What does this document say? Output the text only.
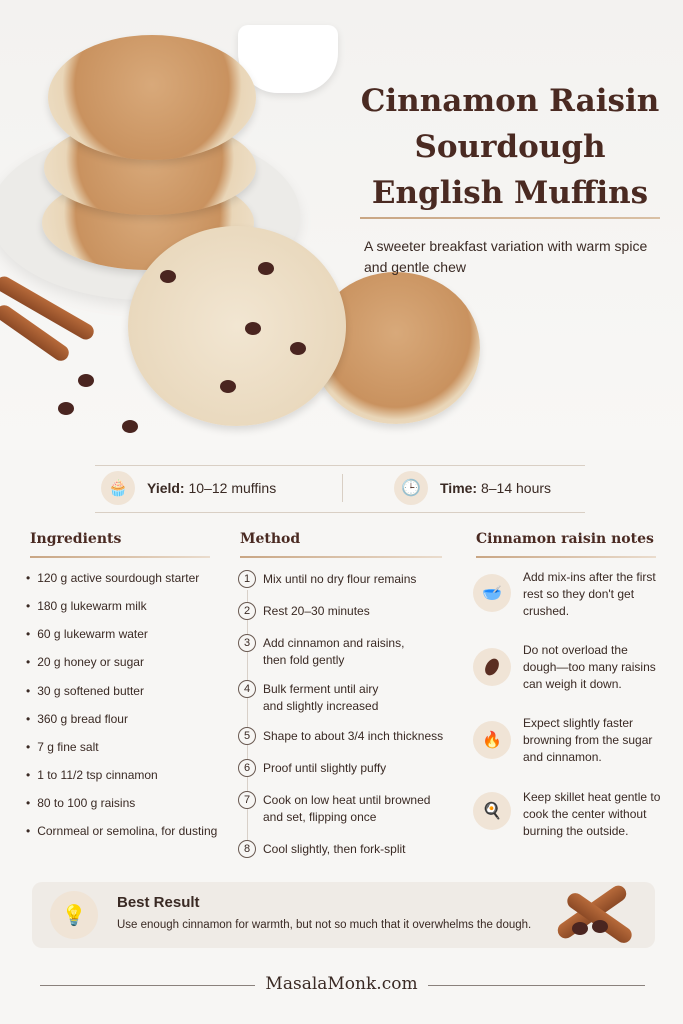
Cinnamon Raisin Sourdough English Muffins

A sweeter breakfast variation with warm spice and gentle chew

🧁	Yield: 10–12 muffins	🕒	Time: 8–14 hours
Ingredients	Method	Cinnamon raisin notes
• 120 g active sourdough starter
• 180 g lukewarm milk
• 60 g lukewarm water
• 20 g honey or sugar
• 30 g softened butter
• 360 g bread flour
• 7 g fine salt
• 1 to 11/2 tsp cinnamon
• 80 to 100 g raisins
• Cornmeal or semolina, for dusting
1	Mix until no dry flour remains
2	Rest 20–30 minutes
3	Add cinnamon and raisins, then fold gently
4	Bulk ferment until airy and slightly increased
5	Shape to about 3/4 inch thickness
6	Proof until slightly puffy
7	Cook on low heat until browned and set, flipping once
8	Cool slightly, then fork-split
🥣
Add mix-ins after the first rest so they don't get crushed.
Do not overload the dough—too many raisins can weigh it down.
🔥
Expect slightly faster browning from the sugar and cinnamon.
🍳
Keep skillet heat gentle to cook the center without burning the outside.
💡
Best Result
Use enough cinnamon for warmth, but not so much that it overwhelms the dough.
MasalaMonk.com
